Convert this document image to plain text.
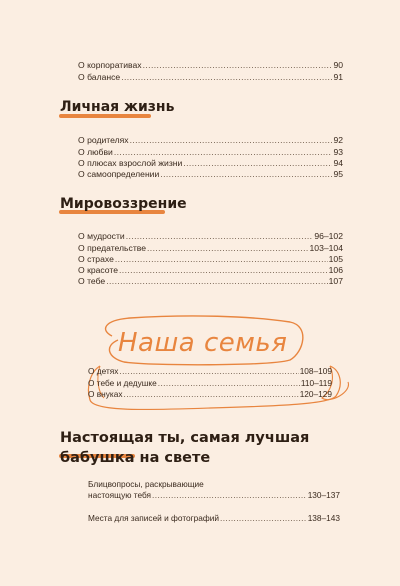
О корпоративах .....	90
О балансе .....	91
Личная жизнь
О родителях .....	92
О любви .....	93
О плюсах взрослой жизни .....	94
О самоопределении .....	95
Мировоззрение
О мудрости .....	96–102
О предательстве .....	103–104
О страхе .....	105
О красоте .....	106
О тебе .....	107
Наша семья
О детях .....	108–109
О тебе и дедушке .....	110–119
О внуках .....	120–129
Настоящая ты, самая лучшая бабушка на свете
Блицвопросы, раскрывающие
настоящую тебя .....	130–137
Места для записей и фотографий .....	138–143
